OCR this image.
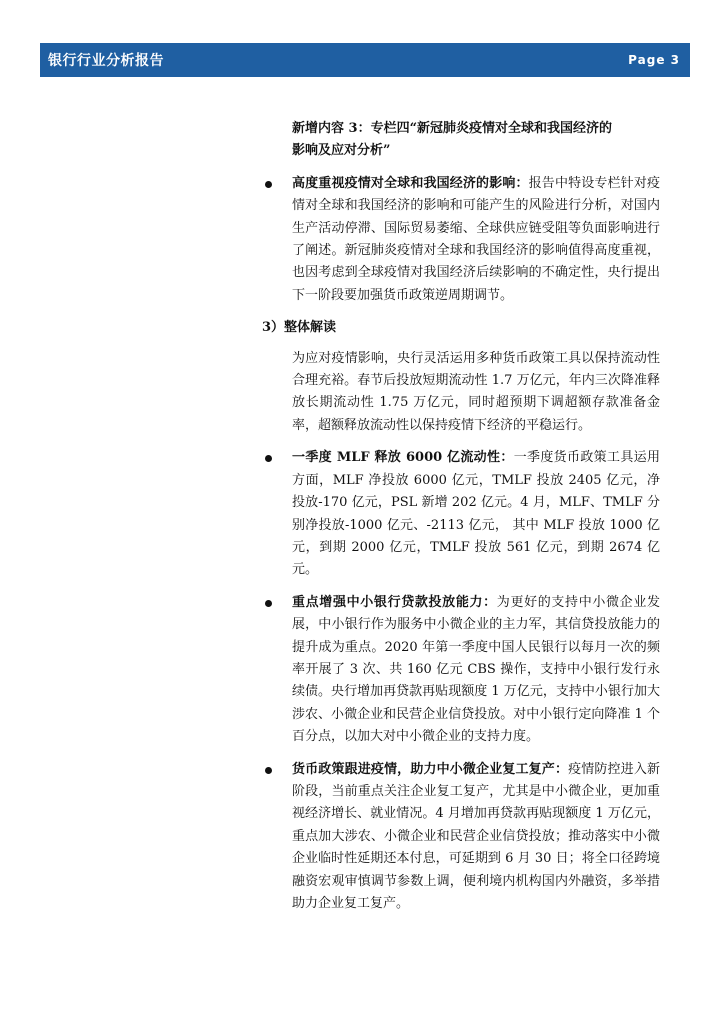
银行行业分析报告	Page 3
新增内容 3：专栏四“新冠肺炎疫情对全球和我国经济的
影响及应对分析”
高度重视疫情对全球和我国经济的影响：报告中特设专栏针对疫情对全球和我国经济的影响和可能产生的风险进行分析，对国内生产活动停滞、国际贸易萎缩、全球供应链受阻等负面影响进行了阐述。新冠肺炎疫情对全球和我国经济的影响值得高度重视，也因考虑到全球疫情对我国经济后续影响的不确定性，央行提出下一阶段要加强货币政策逆周期调节。
3）整体解读
为应对疫情影响，央行灵活运用多种货币政策工具以保持流动性合理充裕。春节后投放短期流动性 1.7 万亿元，年内三次降准释放长期流动性 1.75 万亿元，同时超预期下调超额存款准备金率，超额释放流动性以保持疫情下经济的平稳运行。
一季度 MLF 释放 6000 亿流动性：一季度货币政策工具运用方面，MLF 净投放 6000 亿元，TMLF 投放 2405 亿元，净投放-170 亿元，PSL 新增 202 亿元。4 月，MLF、TMLF 分别净投放-1000 亿元、-2113 亿元， 其中 MLF 投放 1000 亿元，到期 2000 亿元，TMLF 投放 561 亿元，到期 2674 亿元。
重点增强中小银行贷款投放能力：为更好的支持中小微企业发展，中小银行作为服务中小微企业的主力军，其信贷投放能力的提升成为重点。2020 年第一季度中国人民银行以每月一次的频率开展了 3 次、共 160 亿元 CBS 操作，支持中小银行发行永续债。央行增加再贷款再贴现额度 1 万亿元，支持中小银行加大涉农、小微企业和民营企业信贷投放。对中小银行定向降准 1 个百分点，以加大对中小微企业的支持力度。
货币政策跟进疫情，助力中小微企业复工复产：疫情防控进入新阶段，当前重点关注企业复工复产，尤其是中小微企业，更加重视经济增长、就业情况。4 月增加再贷款再贴现额度 1 万亿元，重点加大涉农、小微企业和民营企业信贷投放；推动落实中小微企业临时性延期还本付息，可延期到 6 月 30 日；将全口径跨境融资宏观审慎调节参数上调，便利境内机构国内外融资，多举措助力企业复工复产。
